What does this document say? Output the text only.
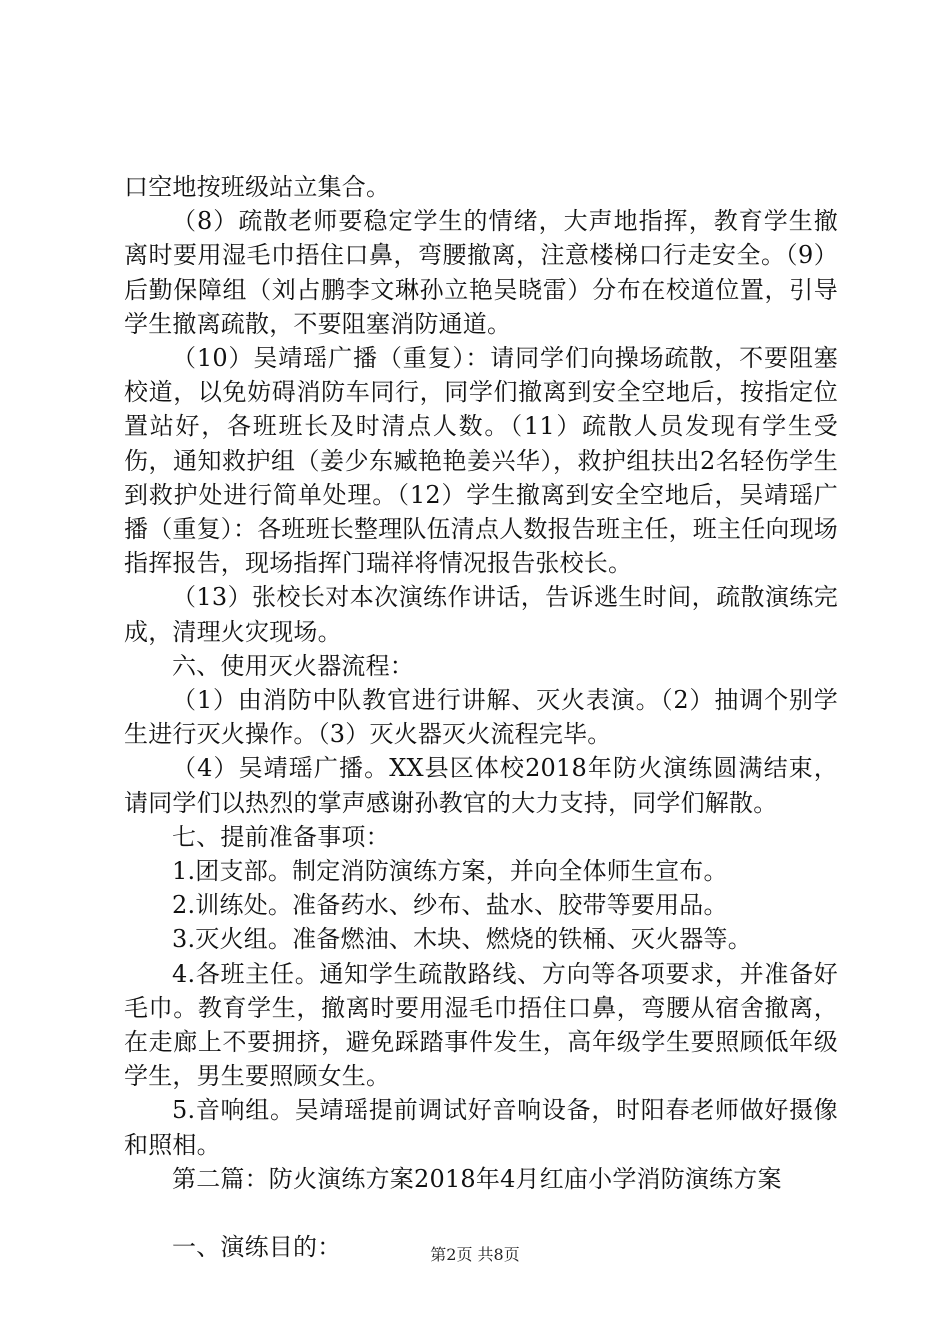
口空地按班级站立集合。

（8）疏散老师要稳定学生的情绪，大声地指挥，教育学生撤离时要用湿毛巾捂住口鼻，弯腰撤离，注意楼梯口行走安全。（9）后勤保障组（刘占鹏李文琳孙立艳吴晓雷）分布在校道位置，引导学生撤离疏散，不要阻塞消防通道。

（10）吴靖瑶广播（重复）：请同学们向操场疏散，不要阻塞校道，以免妨碍消防车同行，同学们撤离到安全空地后，按指定位置站好，各班班长及时清点人数。（11）疏散人员发现有学生受伤，通知救护组（姜少东臧艳艳姜兴华），救护组扶出2名轻伤学生到救护处进行简单处理。（12）学生撤离到安全空地后，吴靖瑶广播（重复）：各班班长整理队伍清点人数报告班主任，班主任向现场指挥报告，现场指挥门瑞祥将情况报告张校长。

（13）张校长对本次演练作讲话，告诉逃生时间，疏散演练完成，清理火灾现场。

六、使用灭火器流程：

（1）由消防中队教官进行讲解、灭火表演。（2）抽调个别学生进行灭火操作。（3）灭火器灭火流程完毕。

（4）吴靖瑶广播。XX县区体校2018年防火演练圆满结束，请同学们以热烈的掌声感谢孙教官的大力支持，同学们解散。

七、提前准备事项：

1.团支部。制定消防演练方案，并向全体师生宣布。

2.训练处。准备药水、纱布、盐水、胶带等要用品。

3.灭火组。准备燃油、木块、燃烧的铁桶、灭火器等。

4.各班主任。通知学生疏散路线、方向等各项要求，并准备好毛巾。教育学生，撤离时要用湿毛巾捂住口鼻，弯腰从宿舍撤离，在走廊上不要拥挤，避免踩踏事件发生，高年级学生要照顾低年级学生，男生要照顾女生。

5.音响组。吴靖瑶提前调试好音响设备，时阳春老师做好摄像和照相。

第二篇：防火演练方案2018年4月红庙小学消防演练方案

一、演练目的：	第2页 共8页
